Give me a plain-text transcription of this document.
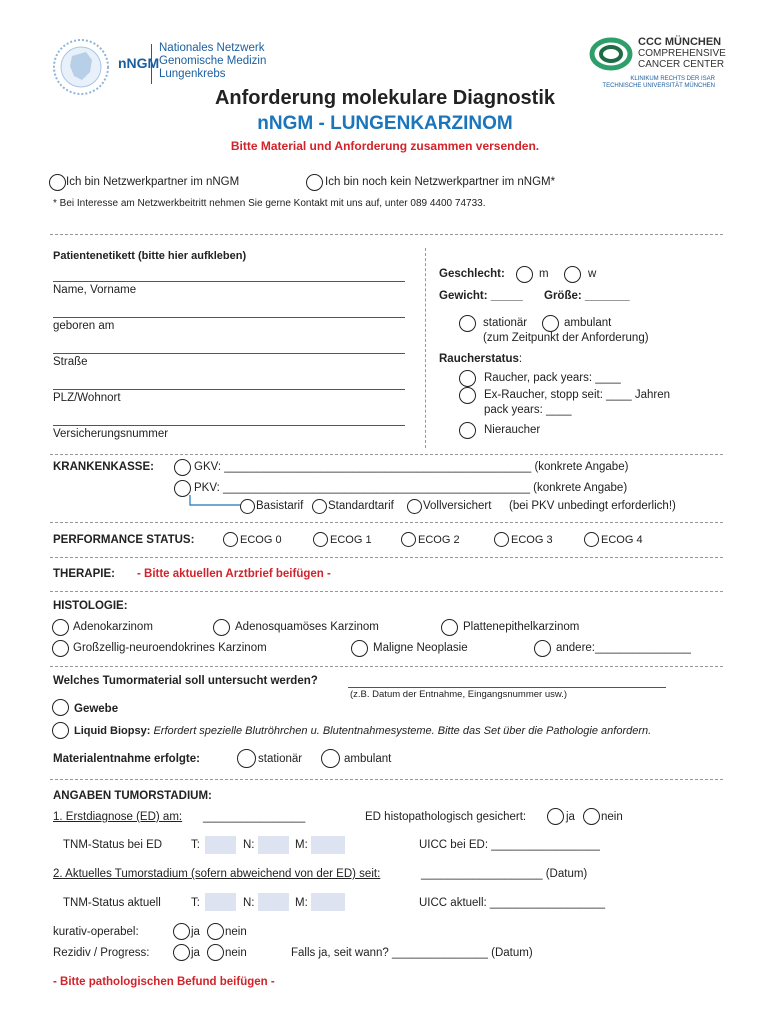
nNGM
Nationales Netzwerk
Genomische Medizin
Lungenkrebs
CCC MÜNCHEN
COMPREHENSIVE
CANCER CENTER
KLINIKUM RECHTS DER ISAR
TECHNISCHE UNIVERSITÄT MÜNCHEN
Anforderung molekulare Diagnostik
nNGM - LUNGENKARZINOM
Bitte Material und Anforderung zusammen versenden.
Ich bin Netzwerkpartner im nNGM	Ich bin noch kein Netzwerkpartner im nNGM*
* Bei Interesse am Netzwerkbeitritt nehmen Sie gerne Kontakt mit uns auf, unter 089 4400 74733.
Patientenetikett (bitte hier aufkleben)
Name, Vorname
geboren am
Straße
PLZ/Wohnort
Versicherungsnummer
Geschlecht:	m	w
Gewicht: _____ Größe: _______
stationär	ambulant
(zum Zeitpunkt der Anforderung)
Raucherstatus:
Raucher, pack years: ____
Ex-Raucher, stopp seit: ____ Jahren
pack years: ____
Nieraucher
KRANKENKASSE:	GKV: ________________________________________________ (konkrete Angabe)
PKV: ________________________________________________ (konkrete Angabe)
Basistarif Standardtarif	Vollversichert (bei PKV unbedingt erforderlich!)
PERFORMANCE STATUS:	ECOG 0	ECOG 1	ECOG 2	ECOG 3	ECOG 4
THERAPIE: - Bitte aktuellen Arztbrief beifügen -
HISTOLOGIE:
Adenokarzinom	Adenosquamöses Karzinom	Plattenepithelkarzinom
Großzellig-neuroendokrines Karzinom	Maligne Neoplasie	andere:_______________
Welches Tumormaterial soll untersucht werden?
(z.B. Datum der Entnahme, Eingangsnummer usw.)
Gewebe
Liquid Biopsy: Erfordert spezielle Blutröhrchen u. Blutentnahmesysteme. Bitte das Set über die Pathologie anfordern.
Materialentnahme erfolgte:	stationär	ambulant
ANGABEN TUMORSTADIUM:
1. Erstdiagnose (ED) am: ________________	ED histopathologisch gesichert:	ja nein
TNM-Status bei ED	T:	N:	M:	UICC bei ED: _________________
2. Aktuelles Tumorstadium (sofern abweichend von der ED) seit:	___________________ (Datum)
TNM-Status aktuell	T:	N:	M:	UICC aktuell: __________________
kurativ-operabel:	ja nein
Rezidiv / Progress:	ja nein	Falls ja, seit wann? _______________ (Datum)
- Bitte pathologischen Befund beifügen -
